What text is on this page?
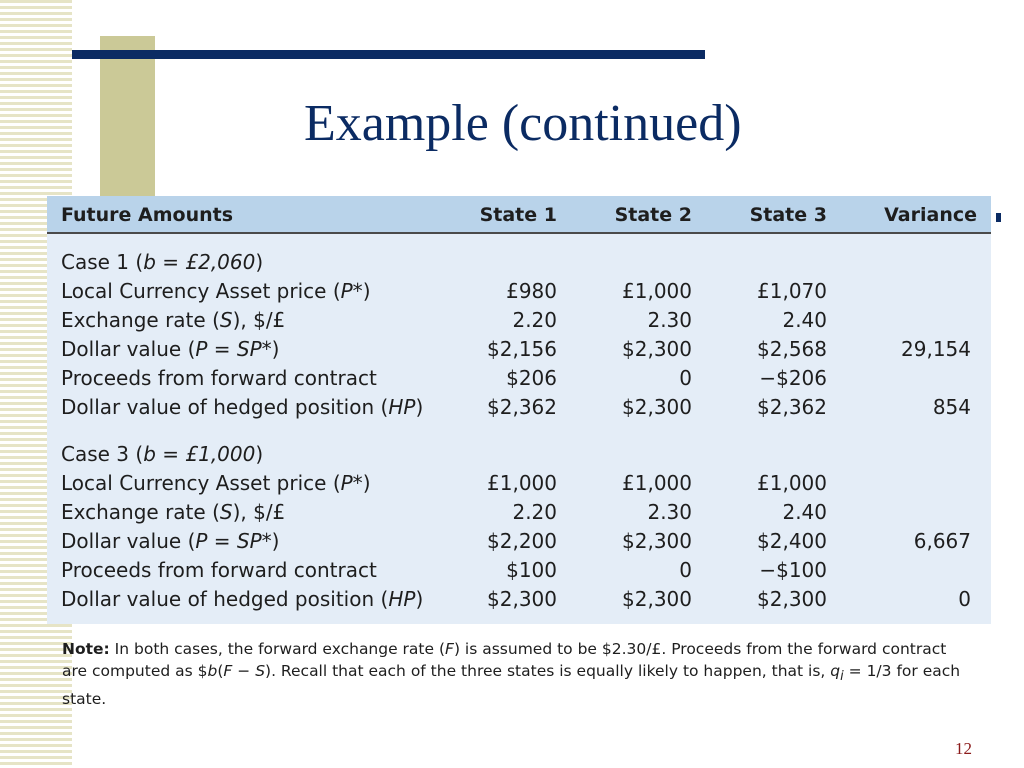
Example (continued)
Future Amounts	State 1	State 2	State 3	Variance
Case 1 (b = £2,060)
Local Currency Asset price (P*)	£980	£1,000	£1,070
Exchange rate (S), $/£	2.20	2.30	2.40
Dollar value (P = SP*)	$2,156	$2,300	$2,568	29,154
Proceeds from forward contract	$206	0	−$206
Dollar value of hedged position (HP)	$2,362	$2,300	$2,362	854
Case 3 (b = £1,000)
Local Currency Asset price (P*)	£1,000	£1,000	£1,000
Exchange rate (S), $/£	2.20	2.30	2.40
Dollar value (P = SP*)	$2,200	$2,300	$2,400	6,667
Proceeds from forward contract	$100	0	−$100
Dollar value of hedged position (HP)	$2,300	$2,300	$2,300	0
Note: In both cases, the forward exchange rate (F) is assumed to be $2.30/£. Proceeds from the forward contract are computed as $b(F − S). Recall that each of the three states is equally likely to happen, that is, $q_i = 1/3$ for each state.
12
